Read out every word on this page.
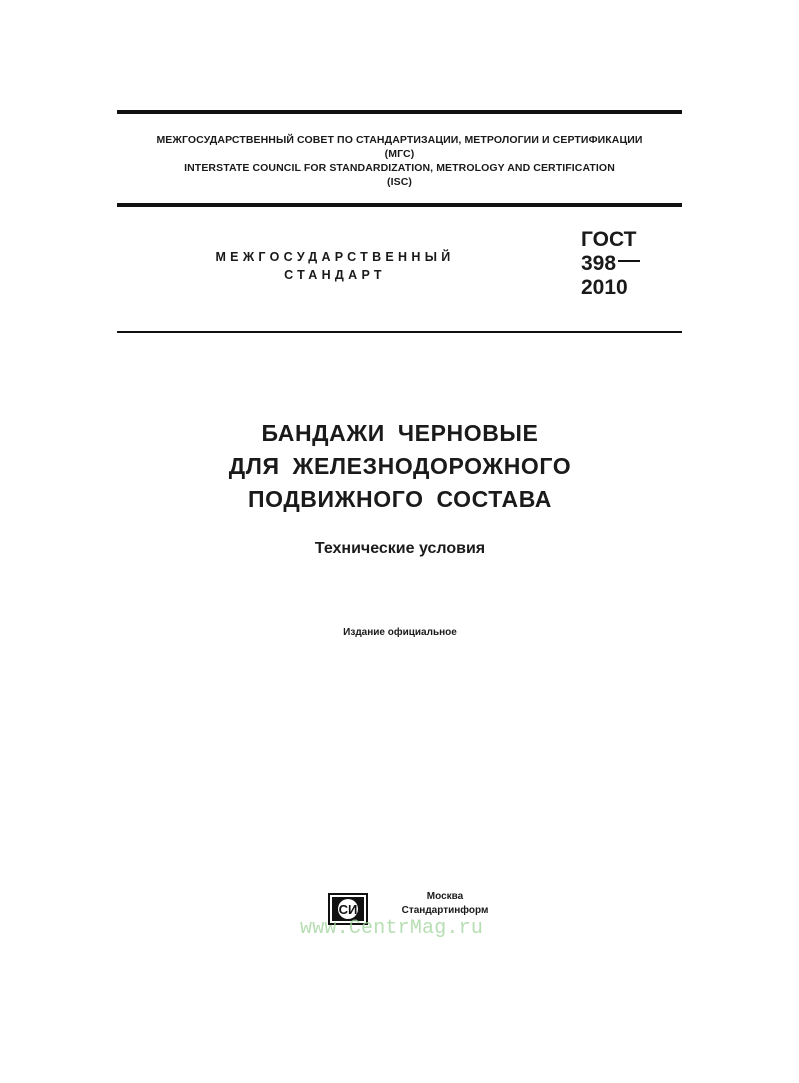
МЕЖГОСУДАРСТВЕННЫЙ СОВЕТ ПО СТАНДАРТИЗАЦИИ, МЕТРОЛОГИИ И СЕРТИФИКАЦИИ
(МГС)
INTERSTATE COUNCIL FOR STANDARDIZATION, METROLOGY AND CERTIFICATION
(ISC)
МЕЖГОСУДАРСТВЕННЫЙ
СТАНДАРТ
ГОСТ
398
2010
БАНДАЖИ ЧЕРНОВЫЕ
ДЛЯ ЖЕЛЕЗНОДОРОЖНОГО
ПОДВИЖНОГО СОСТАВА
Технические условия
Издание официальное
СИ
Москва
Стандартинформ
www.CentrMag.ru
